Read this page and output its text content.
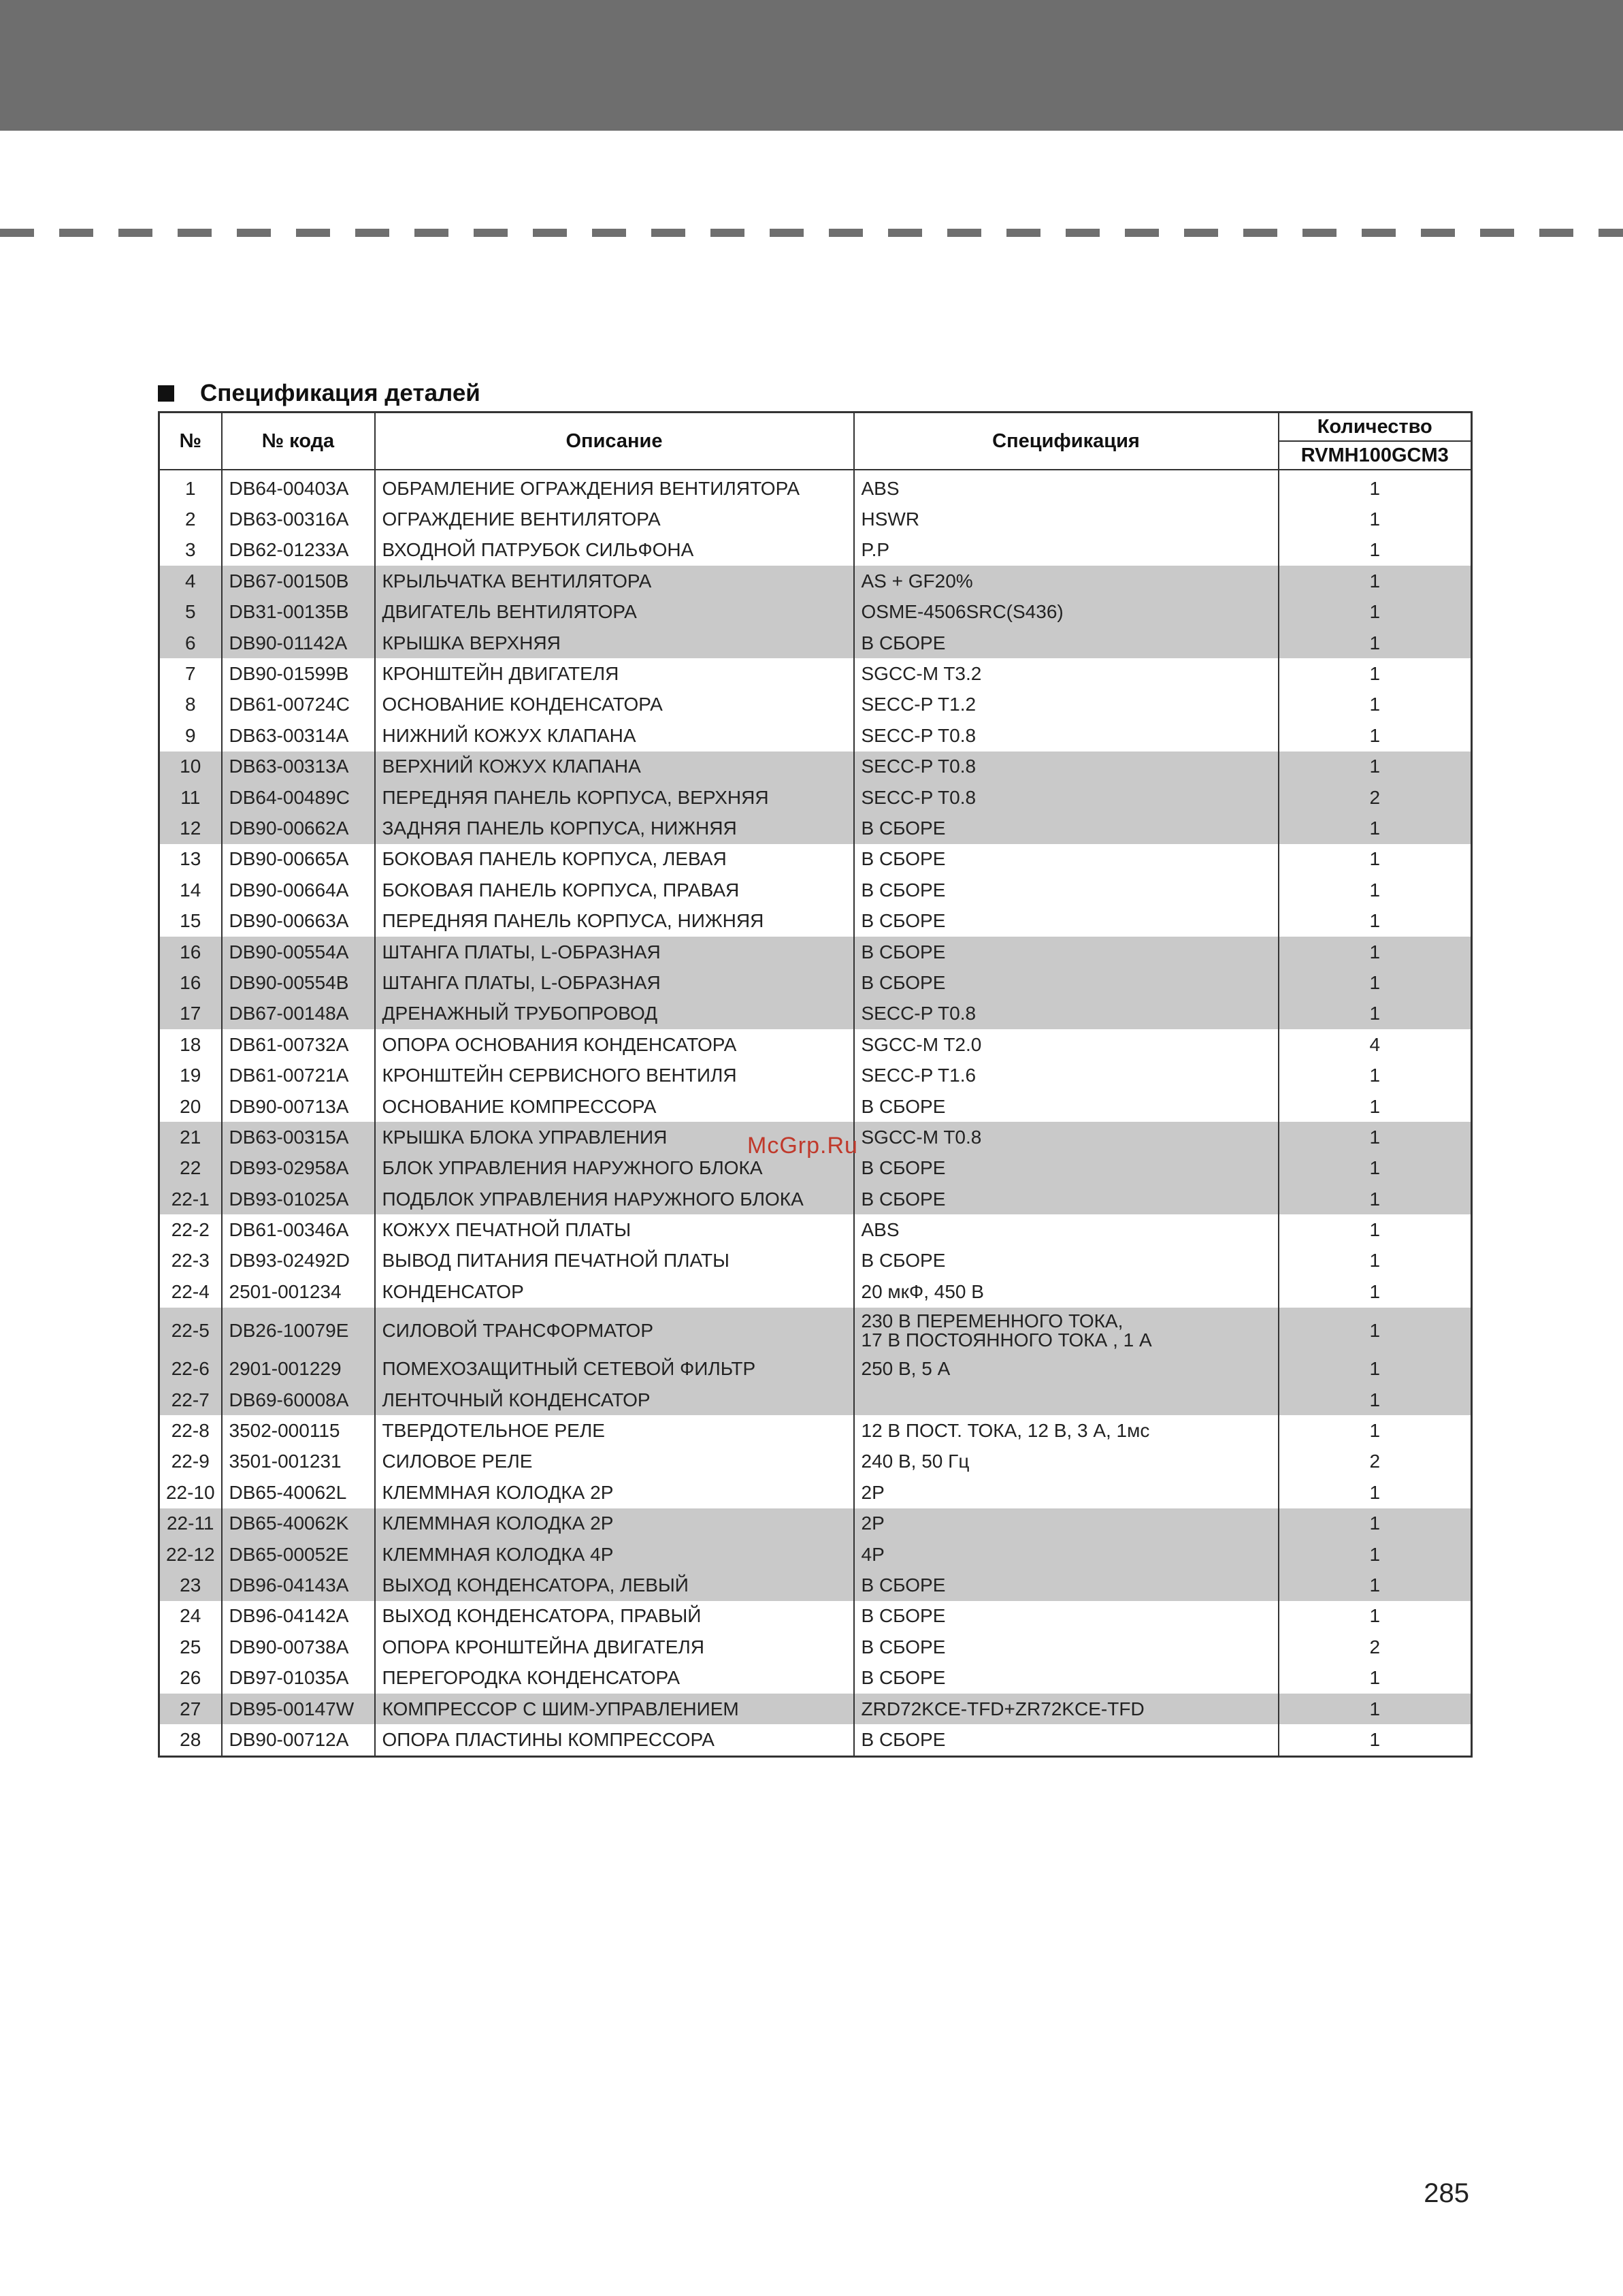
Спецификация деталей
№	№ кода	Описание	Спецификация	Количество
				RVMH100GCM3
1	DB64-00403A	ОБРАМЛЕНИЕ ОГРАЖДЕНИЯ ВЕНТИЛЯТОРА	ABS	1
2	DB63-00316A	ОГРАЖДЕНИЕ ВЕНТИЛЯТОРА	HSWR	1
3	DB62-01233A	ВХОДНОЙ ПАТРУБОК СИЛЬФОНА	P.P	1
4	DB67-00150B	КРЫЛЬЧАТКА ВЕНТИЛЯТОРА	AS + GF20%	1
5	DB31-00135B	ДВИГАТЕЛЬ ВЕНТИЛЯТОРА	OSME-4506SRC(S436)	1
6	DB90-01142A	КРЫШКА ВЕРХНЯЯ	В СБОРЕ	1
7	DB90-01599B	КРОНШТЕЙН ДВИГАТЕЛЯ	SGCC-M T3.2	1
8	DB61-00724C	ОСНОВАНИЕ КОНДЕНСАТОРА	SECC-P T1.2	1
9	DB63-00314A	НИЖНИЙ КОЖУХ КЛАПАНА	SECC-P T0.8	1
10	DB63-00313A	ВЕРХНИЙ КОЖУХ КЛАПАНА	SECC-P T0.8	1
11	DB64-00489C	ПЕРЕДНЯЯ ПАНЕЛЬ КОРПУСА, ВЕРХНЯЯ	SECC-P T0.8	2
12	DB90-00662A	ЗАДНЯЯ ПАНЕЛЬ КОРПУСА, НИЖНЯЯ	В СБОРЕ	1
13	DB90-00665A	БОКОВАЯ ПАНЕЛЬ КОРПУСА, ЛЕВАЯ	В СБОРЕ	1
14	DB90-00664A	БОКОВАЯ ПАНЕЛЬ КОРПУСА, ПРАВАЯ	В СБОРЕ	1
15	DB90-00663A	ПЕРЕДНЯЯ ПАНЕЛЬ КОРПУСА, НИЖНЯЯ	В СБОРЕ	1
16	DB90-00554A	ШТАНГА ПЛАТЫ, L-ОБРАЗНАЯ	В СБОРЕ	1
16	DB90-00554B	ШТАНГА ПЛАТЫ, L-ОБРАЗНАЯ	В СБОРЕ	1
17	DB67-00148A	ДРЕНАЖНЫЙ ТРУБОПРОВОД	SECC-P T0.8	1
18	DB61-00732A	ОПОРА ОСНОВАНИЯ КОНДЕНСАТОРА	SGCC-M T2.0	4
19	DB61-00721A	КРОНШТЕЙН СЕРВИСНОГО ВЕНТИЛЯ	SECC-P T1.6	1
20	DB90-00713A	ОСНОВАНИЕ КОМПРЕССОРА	В СБОРЕ	1
21	DB63-00315A	КРЫШКА БЛОКА УПРАВЛЕНИЯ	SGCC-M T0.8	1
22	DB93-02958A	БЛОК УПРАВЛЕНИЯ НАРУЖНОГО БЛОКА	В СБОРЕ	1
22-1	DB93-01025A	ПОДБЛОК УПРАВЛЕНИЯ НАРУЖНОГО БЛОКА	В СБОРЕ	1
22-2	DB61-00346A	КОЖУХ ПЕЧАТНОЙ ПЛАТЫ	ABS	1
22-3	DB93-02492D	ВЫВОД ПИТАНИЯ ПЕЧАТНОЙ ПЛАТЫ	В СБОРЕ	1
22-4	2501-001234	КОНДЕНСАТОР	20 мкФ, 450 В	1
22-5	DB26-10079E	СИЛОВОЙ ТРАНСФОРМАТОР	230 В ПЕРЕМЕННОГО ТОКА,
17 В ПОСТОЯННОГО ТОКА , 1 А	1
22-6	2901-001229	ПОМЕХОЗАЩИТНЫЙ СЕТЕВОЙ ФИЛЬТР	250 В, 5 А	1
22-7	DB69-60008A	ЛЕНТОЧНЫЙ КОНДЕНСАТОР		1
22-8	3502-000115	ТВЕРДОТЕЛЬНОЕ РЕЛЕ	12 В ПОСТ. ТОКА, 12 В, 3 А, 1мс	1
22-9	3501-001231	СИЛОВОЕ РЕЛЕ	240 В, 50 Гц	2
22-10	DB65-40062L	КЛЕММНАЯ КОЛОДКА 2P	2P	1
22-11	DB65-40062K	КЛЕММНАЯ КОЛОДКА 2P	2P	1
22-12	DB65-00052E	КЛЕММНАЯ КОЛОДКА 4P	4P	1
23	DB96-04143A	ВЫХОД КОНДЕНСАТОРА, ЛЕВЫЙ	В СБОРЕ	1
24	DB96-04142A	ВЫХОД КОНДЕНСАТОРА, ПРАВЫЙ	В СБОРЕ	1
25	DB90-00738A	ОПОРА КРОНШТЕЙНА ДВИГАТЕЛЯ	В СБОРЕ	2
26	DB97-01035A	ПЕРЕГОРОДКА КОНДЕНСАТОРА	В СБОРЕ	1
27	DB95-00147W	КОМПРЕССОР С ШИМ-УПРАВЛЕНИЕМ	ZRD72KCE-TFD+ZR72KCE-TFD	1
28	DB90-00712A	ОПОРА ПЛАСТИНЫ КОМПРЕССОРА	В СБОРЕ	1
McGrp.Ru
285
